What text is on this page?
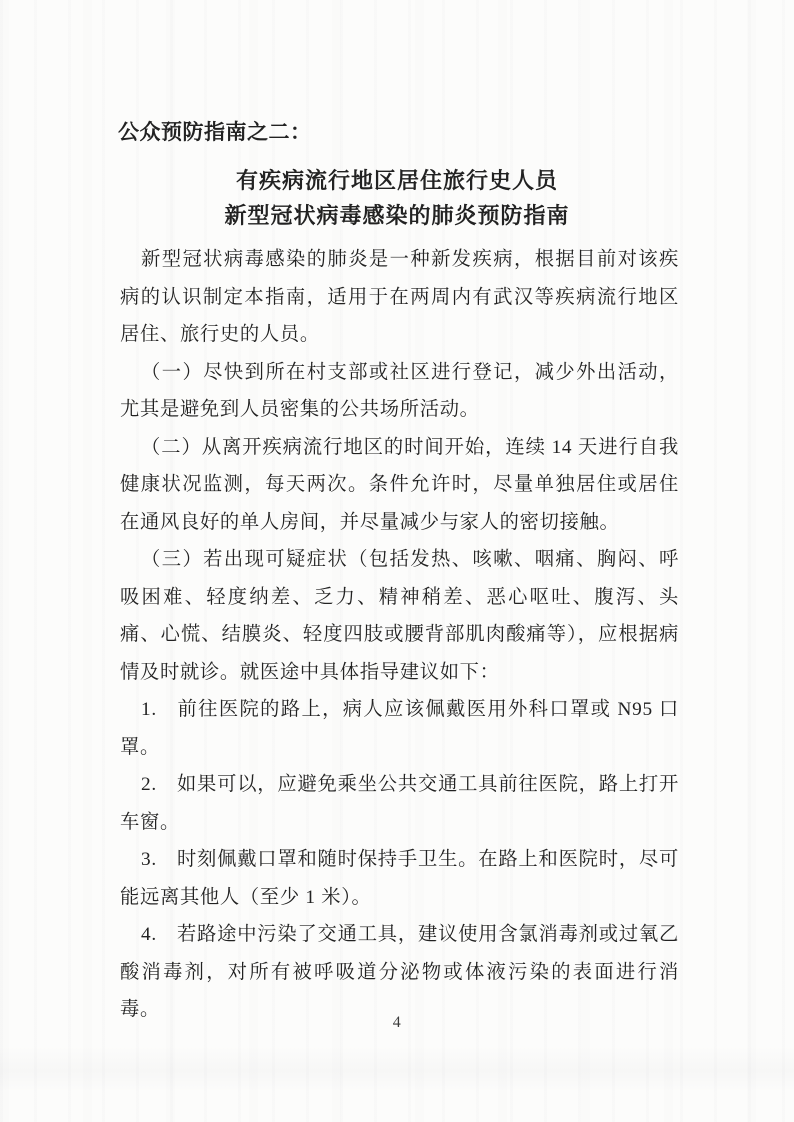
公众预防指南之二：
有疾病流行地区居住旅行史人员
新型冠状病毒感染的肺炎预防指南

新型冠状病毒感染的肺炎是一种新发疾病，根据目前对该疾病的认识制定本指南，适用于在两周内有武汉等疾病流行地区居住、旅行史的人员。

（一）尽快到所在村支部或社区进行登记，减少外出活动，尤其是避免到人员密集的公共场所活动。

（二）从离开疾病流行地区的时间开始，连续 14 天进行自我健康状况监测，每天两次。条件允许时，尽量单独居住或居住在通风良好的单人房间，并尽量减少与家人的密切接触。

（三）若出现可疑症状（包括发热、咳嗽、咽痛、胸闷、呼吸困难、轻度纳差、乏力、精神稍差、恶心呕吐、腹泻、头痛、心慌、结膜炎、轻度四肢或腰背部肌肉酸痛等），应根据病情及时就诊。就医途中具体指导建议如下：

1. 前往医院的路上，病人应该佩戴医用外科口罩或 N95 口罩。

2. 如果可以，应避免乘坐公共交通工具前往医院，路上打开车窗。

3. 时刻佩戴口罩和随时保持手卫生。在路上和医院时，尽可能远离其他人（至少 1 米）。

4. 若路途中污染了交通工具，建议使用含氯消毒剂或过氧乙酸消毒剂，对所有被呼吸道分泌物或体液污染的表面进行消毒。

4
